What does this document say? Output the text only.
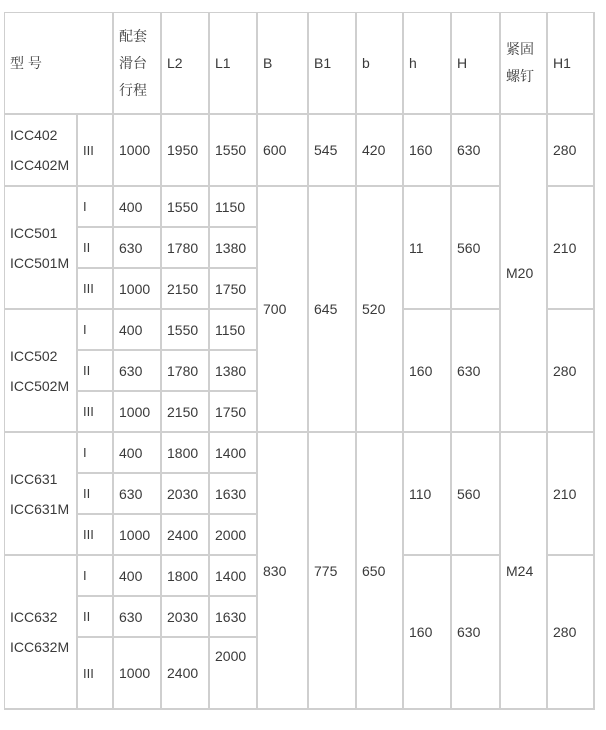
型 号		配套
滑台
行程	L2	L1	B	B1	b	h	H	紧固
螺钉	H1

ICC402
ICC402M	III	1000	1950	1550	600	545	420	160	630	M20	280

ICC501
ICC501M	I	400	1550	1150	700	645	520	11	560		210
	II	630	1780	1380							
	III	1000	2150	1750							

ICC502
ICC502M	I	400	1550	1150				160	630		280
	II	630	1780	1380							
	III	1000	2150	1750							

ICC631
ICC631M	I	400	1800	1400	830	775	650	110	560	M24	210
	II	630	2030	1630							
	III	1000	2400	2000							

ICC632
ICC632M	I	400	1800	1400				160	630		280
	II	630	2030	1630							
	III	1000	2400	2000							
